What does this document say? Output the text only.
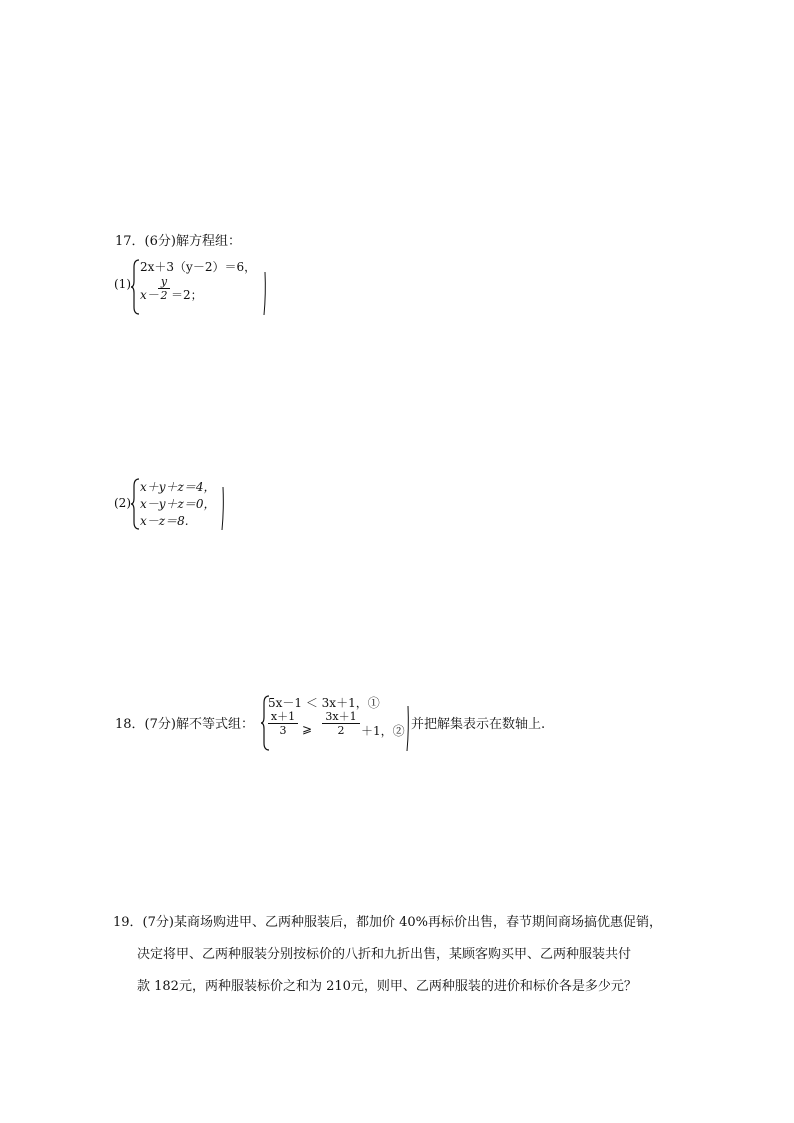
17．(6分)解方程组：
(1)
2x＋3（y－2）＝6，
x－
y
2 ＝2；
(2)
x＋y＋z＝4，
x－y＋z＝0，
x－z＝8.
18．(7分)解不等式组：
5x－1 ＜ 3x＋1，①
x＋1
3	⩾
3x＋1
2	＋1，② 并把解集表示在数轴上.
19．(7分)某商场购进甲、乙两种服装后，都加价 40%再标价出售，春节期间商场搞优惠促销，
决定将甲、乙两种服装分别按标价的八折和九折出售，某顾客购买甲、乙两种服装共付
款 182元，两种服装标价之和为 210元，则甲、乙两种服装的进价和标价各是多少元？
